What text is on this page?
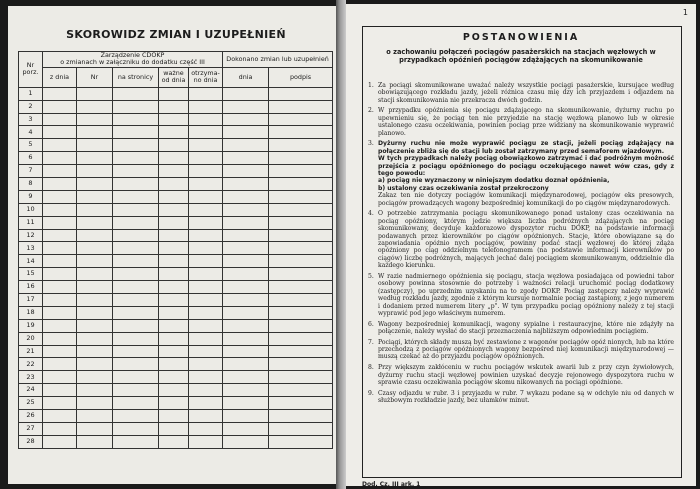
SKOROWIDZ ZMIAN I UZUPEŁNIEŃ
Nr porz.	Zarządzenie CDOKP
o zmianach w załączniku do dodatku część III					Dokonano zmian lub uzupełnień	
	z dnia	Nr	na stronicy	ważne od dnia	otrzyma-no dnia	dnia	podpis
1							
2							
3							
4							
5							
6							
7							
8							
9							
10							
11							
12							
13							
14							
15							
16							
17							
18							
19							
20							
21							
22							
23							
24							
25							
26							
27							
28							
1
POSTANOWIENIA
o zachowaniu połączeń pociągów pasażerskich na stacjach węzłowych w przypadkach opóźnień pociągów zdążających na skomunikowanie
1. Za pociągi skomunikowane uważać należy wszystkie pociągi pasażerskie, kursujące według obowiązującego rozkładu jazdy, jeżeli różnica czasu mię dzy ich przyjazdem i odjazdem na stacji skomunikowania nie przekracza dwóch godzin.
2. W przypadku opóźnienia się pociągu zdążającego na skomunikowanie, dyżurny ruchu po upewnieniu się, że pociąg ten nie przyjedzie na stację węzłową planowo lub w okresie ustalonego czasu oczekiwania, powinien pociąg prze widziany na skomunikowanie wyprawić planowo.
3. Dyżurny ruchu nie może wyprawić pociągu ze stacji, jeżeli pociąg zdążający na połączenie zbliża się do stacji lub został zatrzymany przed semaforem wjazdowym.
W tych przypadkach należy pociąg obowiązkowo zatrzymać i dać podróżnym możność przejścia z pociągu opóźnionego do pociągu oczekującego nawet wów czas, gdy z tego powodu:
a) pociąg nie wyznaczony w niniejszym dodatku doznał opóźnienia,
b) ustalony czas oczekiwania został przekroczony
Zakaz ten nie dotyczy pociągów komunikacji międzynarodowej, pociągów eks presowych, pociągów prowadzących wagony bezpośredniej komunikacji do po ciągów międzynarodowych.
4. O potrzebie zatrzymania pociągu skomunikowanego ponad ustalony czas oczekiwania na pociąg opóźniony, którym jedzie większa liczba podróżnych zdążających na pociąg skomunikowany, decyduje każdorazowo dyspozytor ruchu DOKP, na podstawie informacji podawanych przez kierowników po ciągów opóźnionych. Stacje, które obowiązane są do zapowiadania opóźnio nych pociągów, powinny podać stacji węzłowej do której zdąża opóźniony po ciąg oddzielnym telefonogramem (na podstawie informacji kierowników po ciągów) liczbę podróżnych, mających jechać dalej pociągiem skomunikowanym, oddzielnie dla każdego kierunku.
5. W razie nadmiernego opóźnienia się pociągu, stacja węzłowa posiadająca od powiedni tabor osobowy powinna stosownie do potrzeby i ważności relacji uruchomić pociąg dodatkowy (zastępczy), po uprzednim uzyskaniu na to zgody DOKP. Pociąg zastępczy należy wyprawić według rozkładu jazdy, zgodnie z którym kursuje normalnie pociąg zastąpiony, z jego numerem i dodaniem przed numerem litery „p". W tym przypadku pociąg opóźniony należy z tej stacji wyprawić pod jego właściwym numerem.
6. Wagony bezpośredniej komunikacji, wagony sypialne i restauracyjne, które nie zdążyły na połączenie, należy wysłać do stacji przeznaczenia najbliższym odpowiednim pociągiem.
7. Pociągi, których składy muszą być zestawione z wagonów pociągów opóź nionych, lub na które przechodzą z pociągów opóźnionych wagony bezpośred niej komunikacji międzynarodowej — muszą czekać aż do przyjazdu pociągów opóźnionych.
8. Przy większym zakłóceniu w ruchu pociągów wskutek awarii lub z przy czyn żywiołowych, dyżurny ruchu stacji węzłowej powinien uzyskać decyzje rejonowego dyspozytora ruchu w sprawie czasu oczekiwania pociągów skomu nikowanych na pociągi opóźnione.
9. Czasy odjazdu w rubr. 3 i przyjazdu w rubr. 7 wykazu podane są w odchyle niu od danych w służbowym rozkładzie jazdy, bez ułamków minut.
Dod. Cz. III ark. 1
